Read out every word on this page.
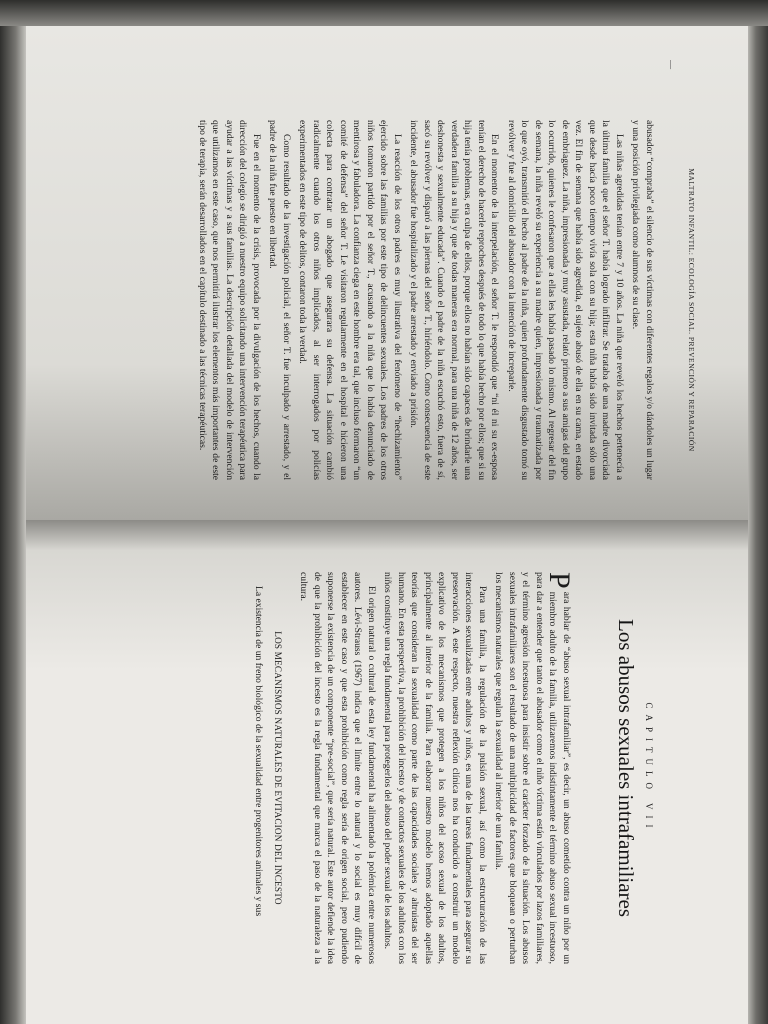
MALTRATO INFANTIL: ECOLOGÍA SOCIAL. PREVENCIÓN Y REPARACIÓN

abusador “compraba” el silencio de sus víctimas con diferentes regalos y/o dándoles un lugar y una posición privilegiada como alumnos de su clase.

Las niñas agredidas tenían entre 7 y 10 años. La niña que reveló los hechos pertenecía a la última familia que el señor T. había logrado infiltrar. Se trataba de una madre divorciada que desde hacía poco tiempo vivía sola con su hija; esta niña había sido invitada sólo una vez. El fin de semana que había sido agredida, el sujeto abusó de ella en su cama, en estado de embriaguez. La niña, impresionada y muy asustada, relató primero a sus amigas del grupo lo ocurrido, quienes le confesaron que a ellas les había pasado lo mismo. Al regresar del fin de semana, la niña reveló su experiencia a su madre quien, impresionada y traumatizada por lo que oyó, transmitió el hecho al padre de la niña, quien profundamente disgustado tomó su revólver y fue al domicilio del abusador con la intención de increparle.

En el momento de la interpelación, el señor T. le respondió que “ni él ni su ex-esposa tenían el derecho de hacerle reproches después de todo lo que había hecho por ellos; que si su hija tenía problemas, era culpa de ellos, porque ellos no habían sido capaces de brindarle una verdadera familia a su hija y que de todas maneras era normal, para una niña de 12 años, ser deshonesta y sexualmente educada”. Cuando el padre de la niña escuchó esto, fuera de sí, sacó su revólver y disparó a las piernas del señor T., hiriéndolo. Como consecuencia de este incidente, el abusador fue hospitalizado y el padre arrestado y enviado a prisión.

La reacción de los otros padres es muy ilustrativa del fenómeno de “hechizamiento” ejercido sobre las familias por este tipo de delincuentes sexuales. Los padres de los otros niños tomaron partido por el señor T., acusando a la niña que lo había denunciado de mentirosa y fabuladora. La confianza ciega en este hombre era tal, que incluso formaron “un comité de defensa” del señor T. Le visitaron regularmente en el hospital e hicieron una colecta para contratar un abogado que asegurara su defensa. La situación cambió radicalmente cuando los otros niños implicados, al ser interrogados por policías experimentados en este tipo de delitos, contaron toda la verdad.

Como resultado de la investigación policial, el señor T. fue inculpado y arrestado, y el padre de la niña fue puesto en libertad.

Fue en el momento de la crisis, provocada por la divulgación de los hechos, cuando la dirección del colegio se dirigió a nuestro equipo solicitando una intervención terapéutica para ayudar a las víctimas y a sus familias. La descripción detallada del modelo de intervención que utilizamos en este caso, que nos permitirá ilustrar los elementos más importantes de este tipo de terapia, serán desarrollados en el capítulo destinado a las técnicas terapéuticas.

CAPITULO VII
Los abusos sexuales intrafamiliares

P
ara hablar de “abuso sexual intrafamiliar”, es decir, un abuso cometido contra un niño por un miembro adulto de la familia, utilizaremos indistintamente el término abuso sexual incestuoso, para dar a entender que tanto el abusador como el niño víctima están vinculados por lazos familiares, y el término agresión incestuosa para insistir sobre el carácter forzado de la situación. Los abusos sexuales intrafamiliares son el resultado de una multiplicidad de factores que bloquean o perturban los mecanismos naturales que regulan la sexualidad al interior de una familia.

Para una familia, la regulación de la pulsión sexual, así como la estructuración de las interacciones sexualizadas entre adultos y niños, es una de las tareas fundamentales para asegurar su preservación. A este respecto, nuestra reflexión clínica nos ha conducido a construir un modelo explicativo de los mecanismos que protegen a los niños del acoso sexual de los adultos, principalmente al interior de la familia. Para elaborar nuestro modelo hemos adoptado aquellas teorías que consideran la sexualidad como parte de las capacidades sociales y altruistas del ser humano. En esta perspectiva, la prohibición del incesto y de contactos sexuales de los adultos con los niños constituye una regla fundamental para protegerlos del abuso del poder sexual de los adultos.

El origen natural o cultural de esta ley fundamental ha alimentado la polémica entre numerosos autores. Lévi-Strauss (1967) indica que el límite entre lo natural y lo social es muy difícil de establecer en este caso y que esta prohibición como regla sería de origen social, pero pudiendo suponerse la existencia de un componente “pre-social”, que sería natural. Este autor defiende la idea de que la prohibición del incesto es la regla fundamental que marca el paso de la naturaleza a la cultura.

LOS MECANISMOS NATURALES DE EVITACION DEL INCESTO

La existencia de un freno biológico de la sexualidad entre progenitores animales y sus

—
